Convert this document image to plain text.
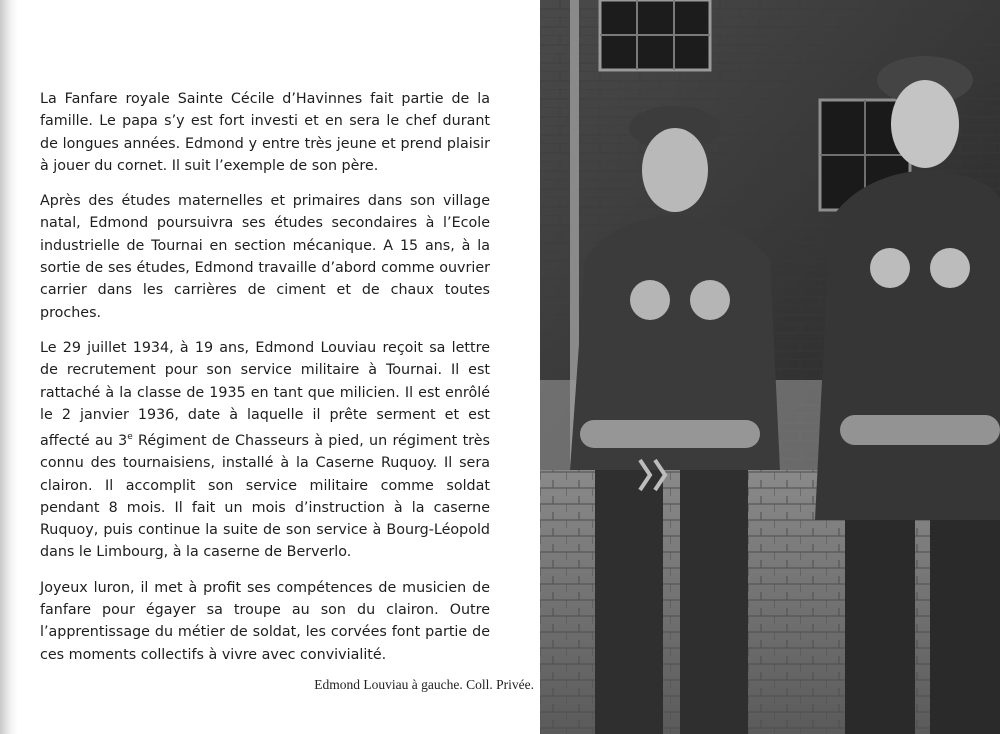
La Fanfare royale Sainte Cécile d’Havinnes fait partie de la famille. Le papa s’y est fort investi et en sera le chef durant de longues années. Edmond y entre très jeune et prend plaisir à jouer du cornet. Il suit l’exemple de son père.

Après des études maternelles et primaires dans son village natal, Edmond poursuivra ses études secondaires à l’Ecole industrielle de Tournai en section mécanique. A 15 ans, à la sortie de ses études, Edmond travaille d’abord comme ouvrier carrier dans les carrières de ciment et de chaux toutes proches.

Le 29 juillet 1934, à 19 ans, Edmond Louviau reçoit sa lettre de recrutement pour son service militaire à Tournai. Il est rattaché à la classe de 1935 en tant que milicien. Il est enrôlé le 2 janvier 1936, date à laquelle il prête serment et est affecté au 3e Régiment de Chasseurs à pied, un régiment très connu des tournaisiens, installé à la Caserne Ruquoy. Il sera clairon. Il accomplit son service militaire comme soldat pendant 8 mois. Il fait un mois d’instruction à la caserne Ruquoy, puis continue la suite de son service à Bourg-Léopold dans le Limbourg, à la caserne de Berverlo.

Joyeux luron, il met à profit ses compétences de musicien de fanfare pour égayer sa troupe au son du clairon. Outre l’apprentissage du métier de soldat, les corvées font partie de ces moments collectifs à vivre avec convivialité.

Edmond Louviau à gauche. Coll. Privée.
